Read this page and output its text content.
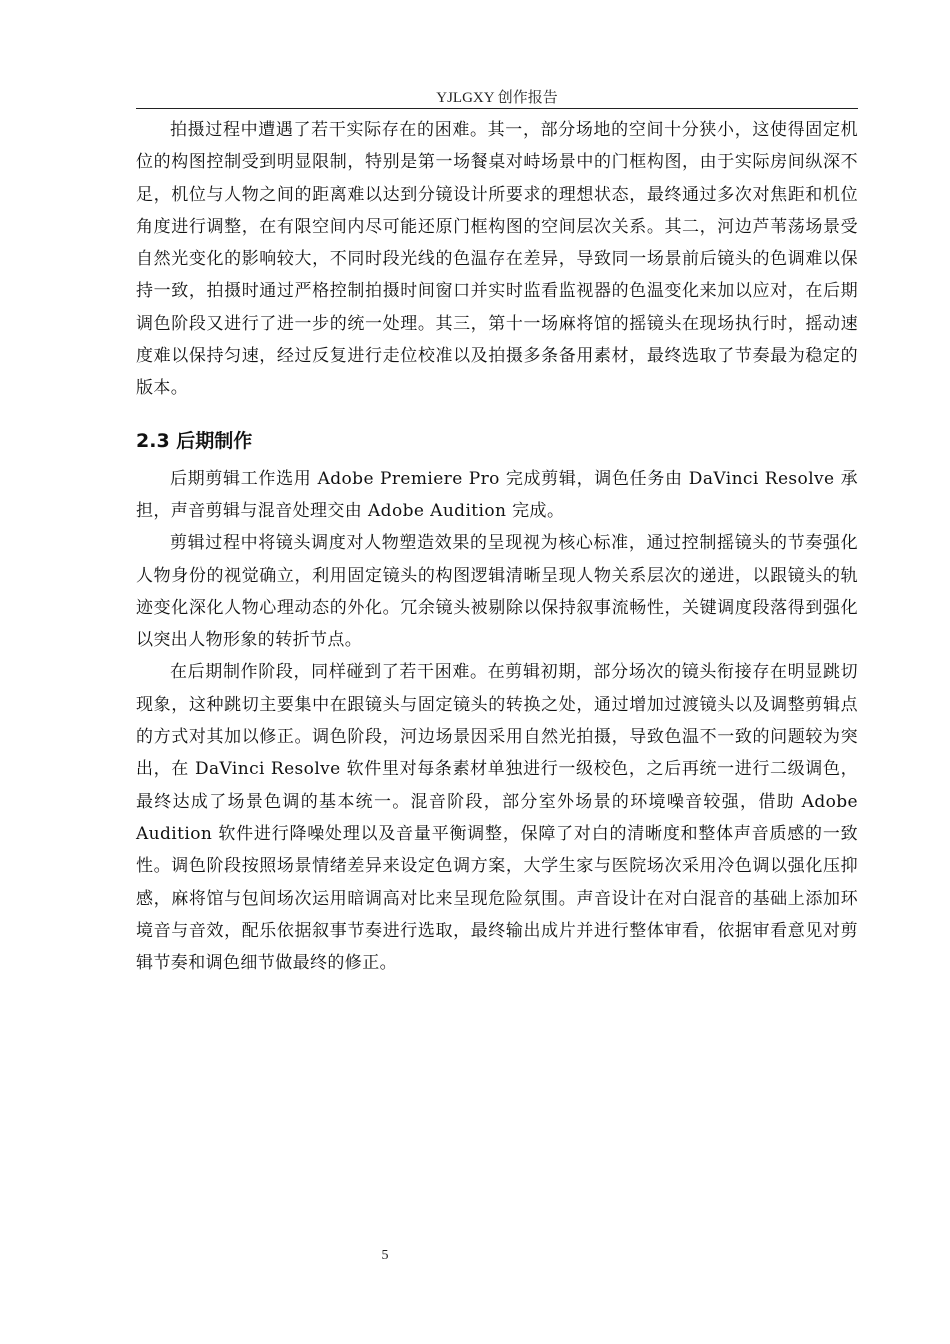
YJLGXY 创作报告

拍摄过程中遭遇了若干实际存在的困难。其一，部分场地的空间十分狭小，这使得固定机位的构图控制受到明显限制，特别是第一场餐桌对峙场景中的门框构图，由于实际房间纵深不足，机位与人物之间的距离难以达到分镜设计所要求的理想状态，最终通过多次对焦距和机位角度进行调整，在有限空间内尽可能还原门框构图的空间层次关系。其二，河边芦苇荡场景受自然光变化的影响较大，不同时段光线的色温存在差异，导致同一场景前后镜头的色调难以保持一致，拍摄时通过严格控制拍摄时间窗口并实时监看监视器的色温变化来加以应对，在后期调色阶段又进行了进一步的统一处理。其三，第十一场麻将馆的摇镜头在现场执行时，摇动速度难以保持匀速，经过反复进行走位校准以及拍摄多条备用素材，最终选取了节奏最为稳定的版本。

2.3 后期制作

后期剪辑工作选用 Adobe Premiere Pro 完成剪辑，调色任务由 DaVinci Resolve 承担，声音剪辑与混音处理交由 Adobe Audition 完成。

剪辑过程中将镜头调度对人物塑造效果的呈现视为核心标准，通过控制摇镜头的节奏强化人物身份的视觉确立，利用固定镜头的构图逻辑清晰呈现人物关系层次的递进，以跟镜头的轨迹变化深化人物心理动态的外化。冗余镜头被剔除以保持叙事流畅性，关键调度段落得到强化以突出人物形象的转折节点。

在后期制作阶段，同样碰到了若干困难。在剪辑初期，部分场次的镜头衔接存在明显跳切现象，这种跳切主要集中在跟镜头与固定镜头的转换之处，通过增加过渡镜头以及调整剪辑点的方式对其加以修正。调色阶段，河边场景因采用自然光拍摄，导致色温不一致的问题较为突出，在 DaVinci Resolve 软件里对每条素材单独进行一级校色，之后再统一进行二级调色，最终达成了场景色调的基本统一。混音阶段，部分室外场景的环境噪音较强，借助 Adobe Audition 软件进行降噪处理以及音量平衡调整，保障了对白的清晰度和整体声音质感的一致性。调色阶段按照场景情绪差异来设定色调方案，大学生家与医院场次采用冷色调以强化压抑感，麻将馆与包间场次运用暗调高对比来呈现危险氛围。声音设计在对白混音的基础上添加环境音与音效，配乐依据叙事节奏进行选取，最终输出成片并进行整体审看，依据审看意见对剪辑节奏和调色细节做最终的修正。

5
